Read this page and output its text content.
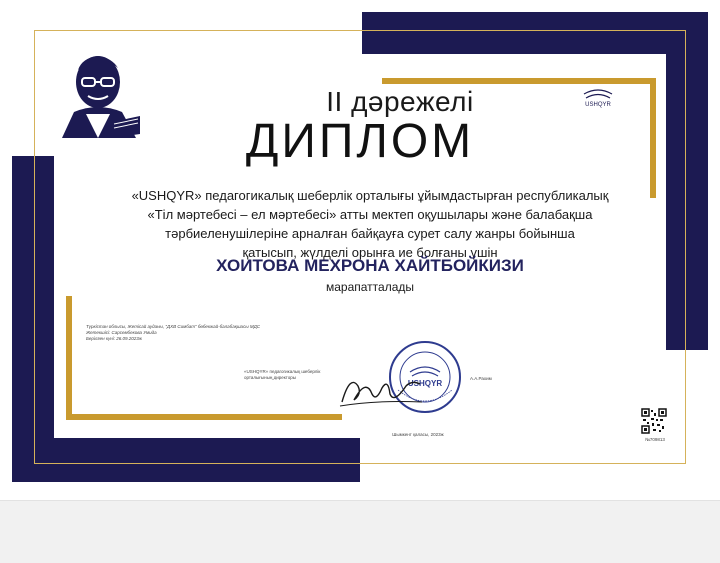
USHQYR
II дәрежелі
ДИПЛОМ
«USHQYR» педагогикалық шеберлік орталығы ұйымдастырған республикалық
«Тіл мәртебесі – ел мәртебесі» атты мектеп оқушылары және балабақша
тәрбиеленушілеріне арналған байқауға сурет салу жанры бойынша
қатысып, жүлделі орынға ие болғаны үшін
ХОИТОВА МЕХРОНА ХАЙТБОЙКИЗИ
марапатталады
Түркістан облысы, Жетісай ауданы, "ДХВ Симбат" бөбекжай-балабақшасы МДС
Жетекшісі: Сарсембекова Умида
Берілген күні: 26.09.2023ж
«USHQYR» педагогикалық шеберлік
орталығының директоры	А.А.Рахим
USHQYR
Шымкент қаласы, 2023ж
№709813
